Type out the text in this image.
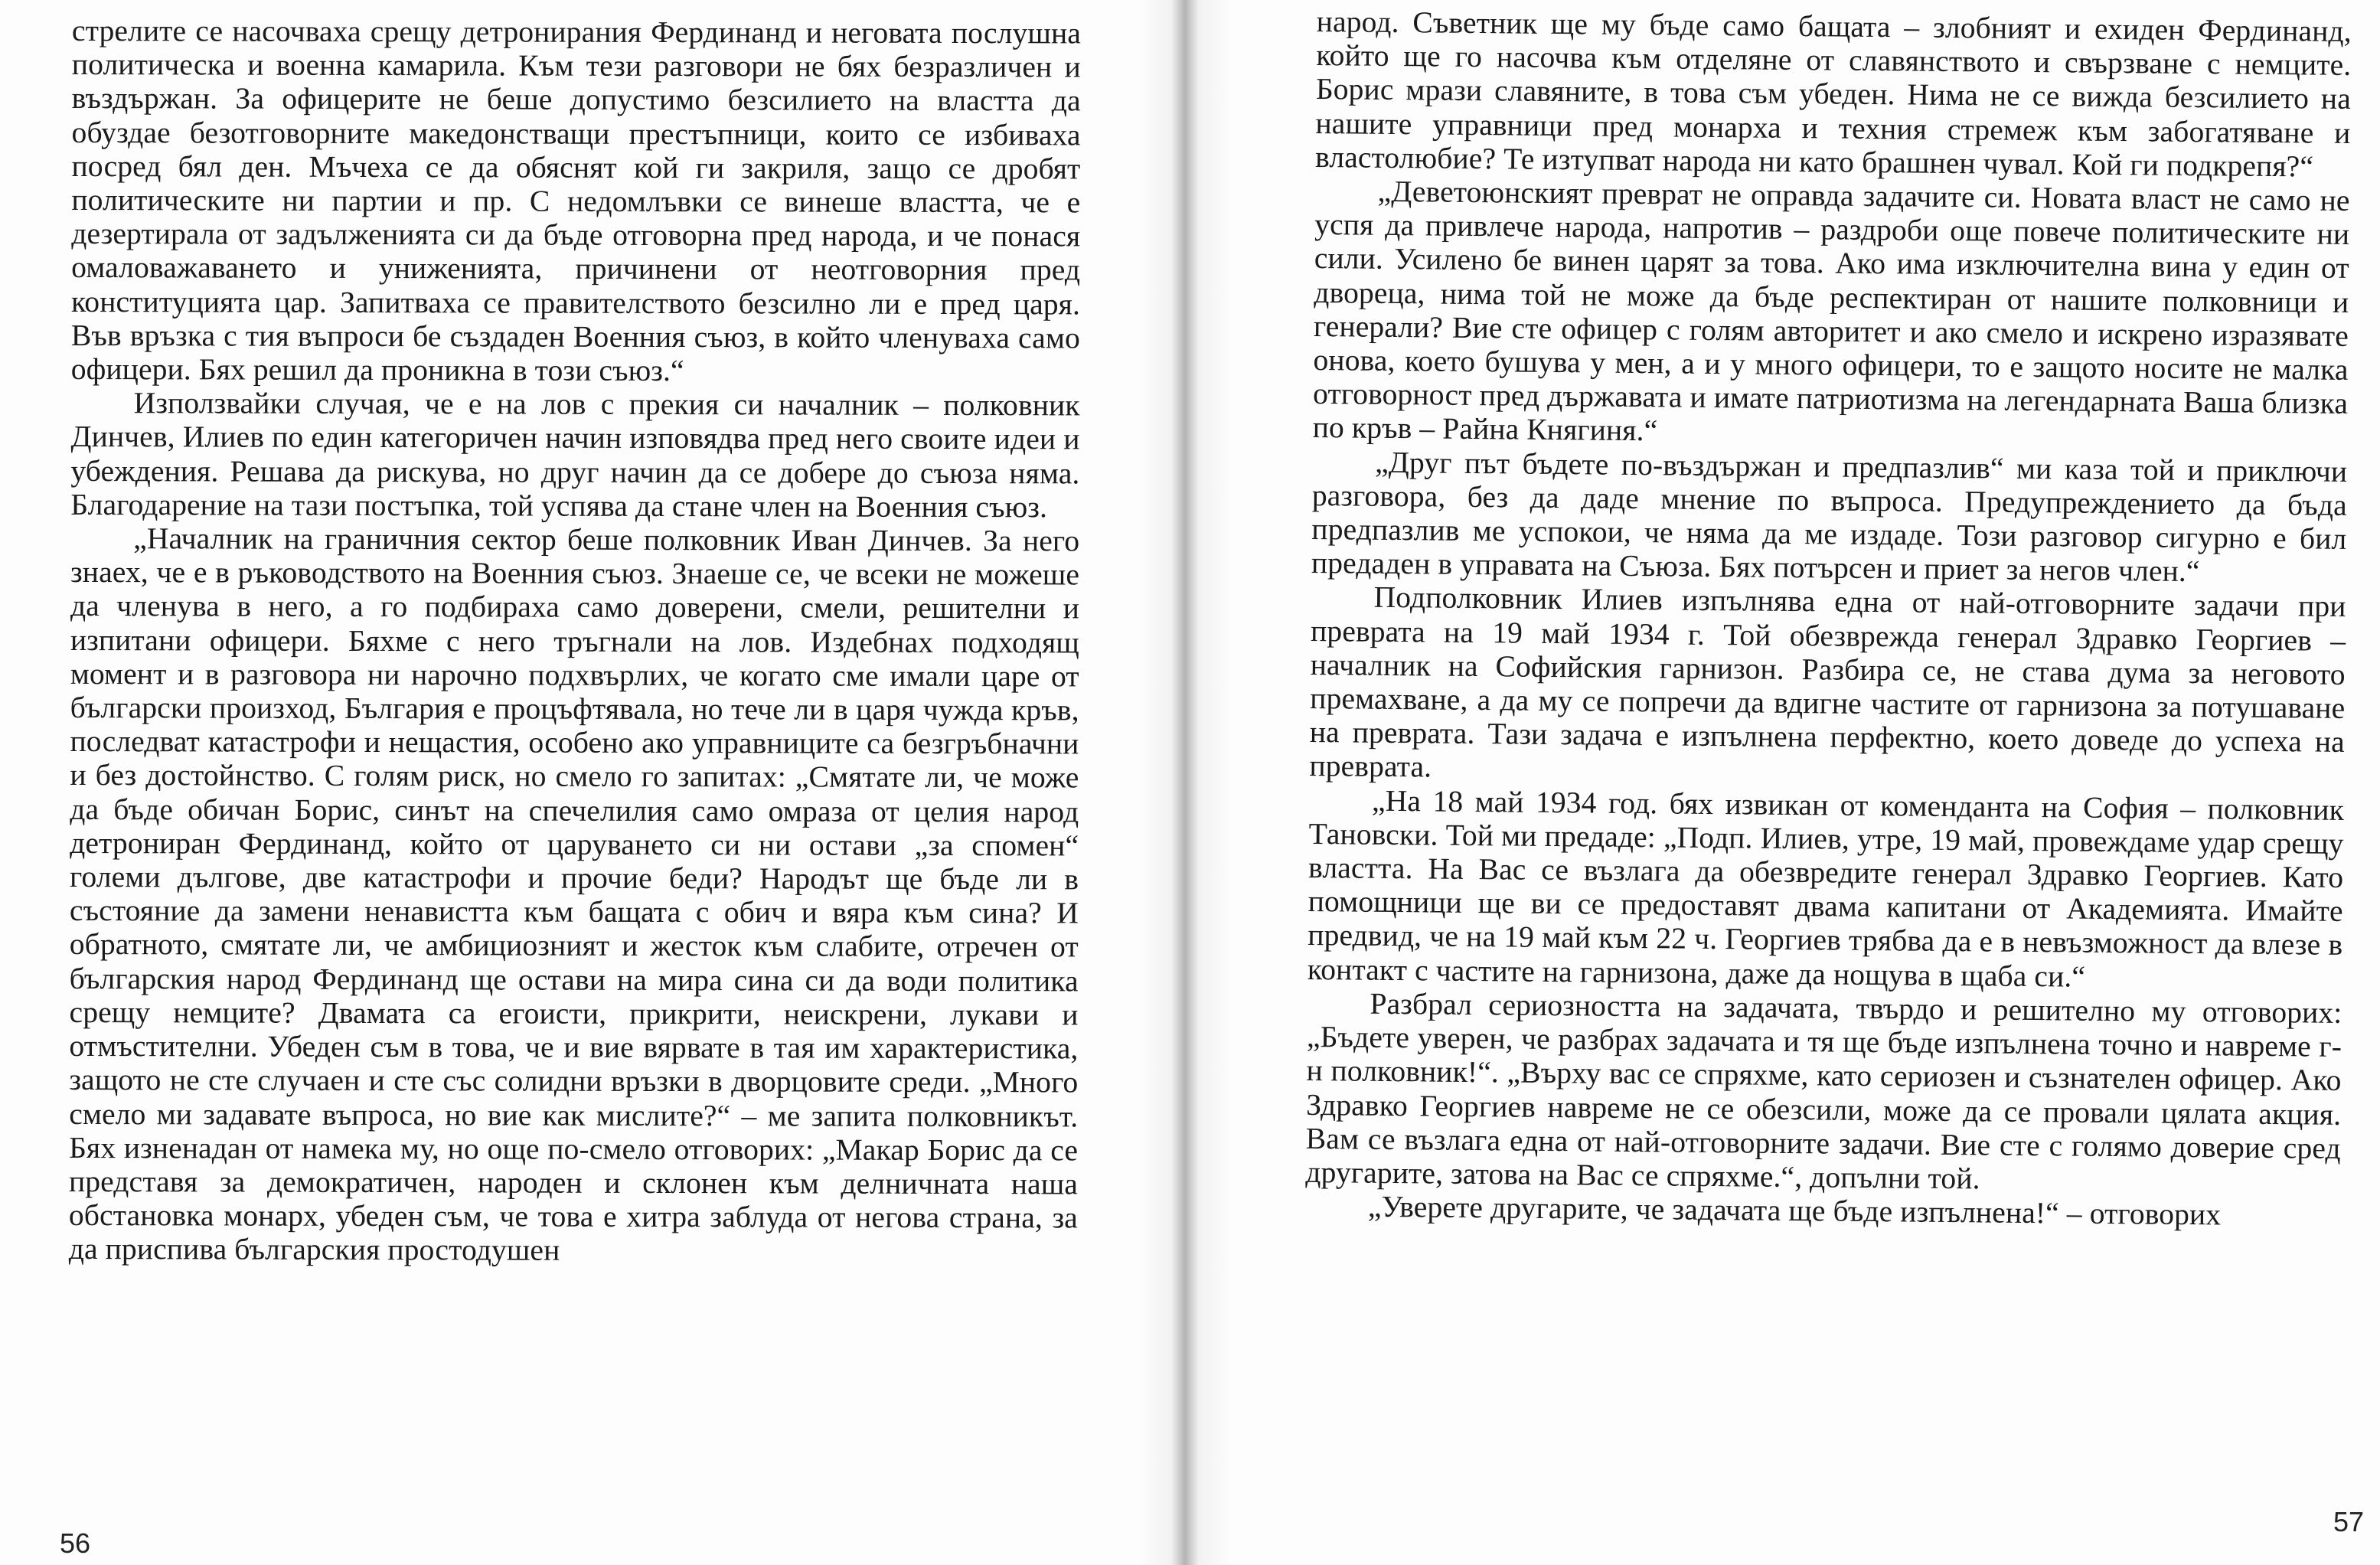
стрелите се насочваха срещу детронирания Фердинанд и неговата послушна политическа и военна камарила. Към тези разговори не бях безразличен и въздържан. За офицерите не беше допустимо безсилието на властта да обуздае безотговорните македонстващи престъпници, които се избиваха посред бял ден. Мъчеха се да обяснят кой ги закриля, защо се дробят политическите ни партии и пр. С недомлъвки се винеше властта, че е дезертирала от задълженията си да бъде отговорна пред народа, и че понася омаловажаването и униженията, причинени от неотговорния пред конституцията цар. Запитваха се правителството безсилно ли е пред царя. Във връзка с тия въпроси бе създаден Военния съюз, в който членуваха само офицери. Бях решил да проникна в този съюз.“

Използвайки случая, че е на лов с прекия си началник – полковник Динчев, Илиев по един категоричен начин изповядва пред него своите идеи и убеждения. Решава да рискува, но друг начин да се добере до съюза няма. Благодарение на тази постъпка, той успява да стане член на Военния съюз.

„Началник на граничния сектор беше полковник Иван Динчев. За него знаех, че е в ръководството на Военния съюз. Знаеше се, че всеки не можеше да членува в него, а го подбираха само доверени, смели, решителни и изпитани офицери. Бяхме с него тръгнали на лов. Издебнах подходящ момент и в разговора ни нарочно подхвърлих, че когато сме имали царе от български произход, България е процъфтявала, но тече ли в царя чужда кръв, последват катастрофи и нещастия, особено ако управниците са безгръбначни и без достойнство. С голям риск, но смело го запитах: „Смятате ли, че може да бъде обичан Борис, синът на спечелилия само омраза от целия народ детрониран Фердинанд, който от царуването си ни остави „за спомен“ големи дългове, две катастрофи и прочие беди? Народът ще бъде ли в състояние да замени ненавистта към бащата с обич и вяра към сина? И обратното, смятате ли, че амбициозният и жесток към слабите, отречен от българския народ Фердинанд ще остави на мира сина си да води политика срещу немците? Двамата са егоисти, прикрити, неискрени, лукави и отмъстителни. Убеден съм в това, че и вие вярвате в тая им характеристика, защото не сте случаен и сте със солидни връзки в дворцовите среди. „Много смело ми задавате въпроса, но вие как мислите?“ – ме запита полковникът. Бях изненадан от намека му, но още по-смело отговорих: „Макар Борис да се представя за демократичен, народен и склонен към делничната наша обстановка монарх, убеден съм, че това е хитра заблуда от негова страна, за да приспива българския простодушен

56

народ. Съветник ще му бъде само бащата – злобният и ехиден Фердинанд, който ще го насочва към отделяне от славянството и свързване с немците. Борис мрази славяните, в това съм убеден. Нима не се вижда безсилието на нашите управници пред монарха и техния стремеж към забогатяване и властолюбие? Те изтупват народа ни като брашнен чувал. Кой ги подкрепя?“

„Деветоюнският преврат не оправда задачите си. Новата власт не само не успя да привлече народа, напротив – раздроби още повече политическите ни сили. Усилено бе винен царят за това. Ако има изключителна вина у един от двореца, нима той не може да бъде респектиран от нашите полковници и генерали? Вие сте офицер с голям авторитет и ако смело и искрено изразявате онова, което бушува у мен, а и у много офицери, то е защото носите не малка отговорност пред държавата и имате патриотизма на легендарната Ваша близка по кръв – Райна Княгиня.“

„Друг път бъдете по-въздържан и предпазлив“ ми каза той и приключи разговора, без да даде мнение по въпроса. Предупреждението да бъда предпазлив ме успокои, че няма да ме издаде. Този разговор сигурно е бил предаден в управата на Съюза. Бях потърсен и приет за негов член.“

Подполковник Илиев изпълнява една от най-отговорните задачи при преврата на 19 май 1934 г. Той обезврежда генерал Здравко Георгиев – началник на Софийския гарнизон. Разбира се, не става дума за неговото премахване, а да му се попречи да вдигне частите от гарнизона за потушаване на преврата. Тази задача е изпълнена перфектно, което доведе до успеха на преврата.

„На 18 май 1934 год. бях извикан от коменданта на София – полковник Тановски. Той ми предаде: „Подп. Илиев, утре, 19 май, провеждаме удар срещу властта. На Вас се възлага да обезвредите генерал Здравко Георгиев. Като помощници ще ви се предоставят двама капитани от Академията. Имайте предвид, че на 19 май към 22 ч. Георгиев трябва да е в невъзможност да влезе в контакт с частите на гарнизона, даже да нощува в щаба си.“

Разбрал сериозността на задачата, твърдо и решително му отговорих: „Бъдете уверен, че разбрах задачата и тя ще бъде изпълнена точно и навреме г-н полковник!“. „Върху вас се спряхме, като сериозен и съзнателен офицер. Ако Здравко Георгиев навреме не се обезсили, може да се провали цялата акция. Вам се възлага една от най-отговорните задачи. Вие сте с голямо доверие сред другарите, затова на Вас се спряхме.“, допълни той.

„Уверете другарите, че задачата ще бъде изпълнена!“ – отговорих

57
